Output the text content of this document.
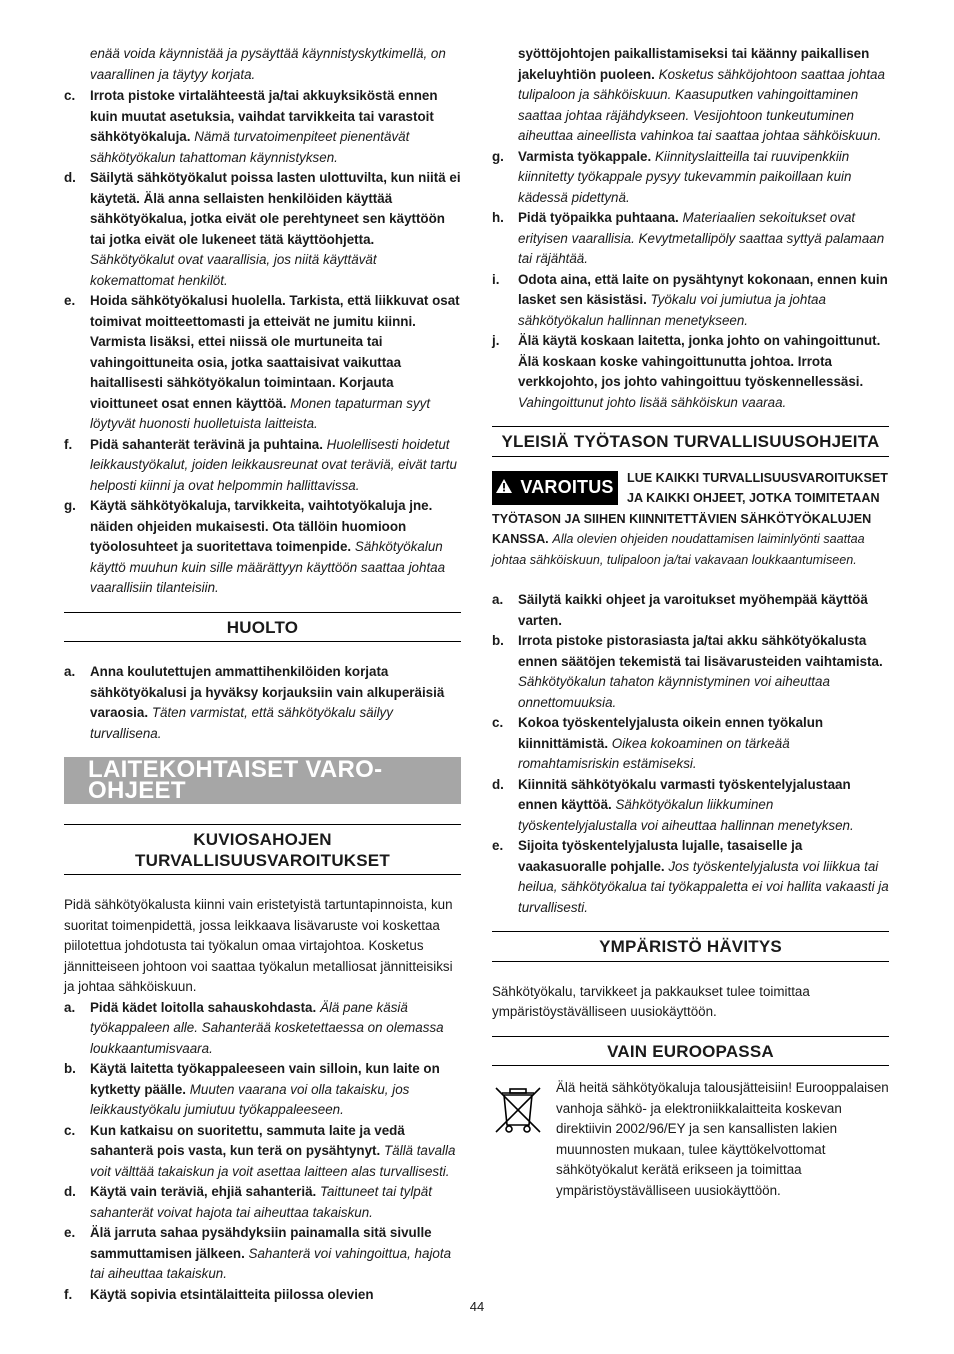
enää voida käynnistää ja pysäyttää käynnistyskytkimellä, on vaarallinen ja täytyy korjata.
c. Irrota pistoke virtalähteestä ja/tai akkuyksiköstä ennen kuin muutat asetuksia, vaihdat tarvikkeita tai varastoit sähkötyökaluja. Nämä turvatoimenpiteet pienentävät sähkötyökalun tahattoman käynnistyksen.
d. Säilytä sähkötyökalut poissa lasten ulottuvilta, kun niitä ei käytetä. Älä anna sellaisten henkilöiden käyttää sähkötyökalua, jotka eivät ole perehtyneet sen käyttöön tai jotka eivät ole lukeneet tätä käyttöohjetta. Sähkötyökalut ovat vaarallisia, jos niitä käyttävät kokemattomat henkilöt.
e. Hoida sähkötyökalusi huolella. Tarkista, että liikkuvat osat toimivat moitteettomasti ja etteivät ne jumitu kiinni. Varmista lisäksi, ettei niissä ole murtuneita tai vahingoittuneita osia, jotka saattaisivat vaikuttaa haitallisesti sähkötyökalun toimintaan. Korjauta vioittuneet osat ennen käyttöä. Monen tapaturman syyt löytyvät huonosti huolletuista laitteista.
f. Pidä sahanterät terävinä ja puhtaina. Huolellisesti hoidetut leikkaustyökalut, joiden leikkausreunat ovat teräviä, eivät tartu helposti kiinni ja ovat helpommin hallittavissa.
g. Käytä sähkötyökaluja, tarvikkeita, vaihtotyökaluja jne. näiden ohjeiden mukaisesti. Ota tällöin huomioon työolosuhteet ja suoritettava toimenpide. Sähkötyökalun käyttö muuhun kuin sille määrättyyn käyttöön saattaa johtaa vaarallisiin tilanteisiin.
HUOLTO
a. Anna koulutettujen ammattihenkilöiden korjata sähkötyökalusi ja hyväksy korjauksiin vain alkuperäisiä varaosia. Täten varmistat, että sähkötyökalu säilyy turvallisena.
LAITEKOHTAISET VARO-OHJEET
KUVIOSAHOJEN TURVALLISUUSVAROITUKSET

Pidä sähkötyökalusta kiinni vain eristetyistä tartuntapinnoista, kun suoritat toimenpidettä, jossa leikkaava lisävaruste voi koskettaa piilotettua johdotusta tai työkalun omaa virtajohtoa. Kosketus jännitteiseen johtoon voi saattaa työkalun metalliosat jännitteisiksi ja johtaa sähköiskuun.

a. Pidä kädet loitolla sahauskohdasta. Älä pane käsiä työkappaleen alle. Sahanterää kosketettaessa on olemassa loukkaantumisvaara.
b. Käytä laitetta työkappaleeseen vain silloin, kun laite on kytketty päälle. Muuten vaarana voi olla takaisku, jos leikkaustyökalu jumiutuu työkappaleeseen.
c. Kun katkaisu on suoritettu, sammuta laite ja vedä sahanterä pois vasta, kun terä on pysähtynyt. Tällä tavalla voit välttää takaiskun ja voit asettaa laitteen alas turvallisesti.
d. Käytä vain teräviä, ehjiä sahanteriä. Taittuneet tai tylpät sahanterät voivat hajota tai aiheuttaa takaiskun.
e. Älä jarruta sahaa pysähdyksiin painamalla sitä sivulle sammuttamisen jälkeen. Sahanterä voi vahingoittua, hajota tai aiheuttaa takaiskun.
f. Käytä sopivia etsintälaitteita piilossa olevien
syöttöjohtojen paikallistamiseksi tai käänny paikallisen jakeluyhtiön puoleen. Kosketus sähköjohtoon saattaa johtaa tulipaloon ja sähköiskuun. Kaasuputken vahingoittaminen saattaa johtaa räjähdykseen. Vesijohtoon tunkeutuminen aiheuttaa aineellista vahinkoa tai saattaa johtaa sähköiskuun.
g. Varmista työkappale. Kiinnityslaitteilla tai ruuvipenkkiin kiinnitetty työkappale pysyy tukevammin paikoillaan kuin kädessä pidettynä.
h. Pidä työpaikka puhtaana. Materiaalien sekoitukset ovat erityisen vaarallisia. Kevytmetallipöly saattaa syttyä palamaan tai räjähtää.
i. Odota aina, että laite on pysähtynyt kokonaan, ennen kuin lasket sen käsistäsi. Työkalu voi jumiutua ja johtaa sähkötyökalun hallinnan menetykseen.
j. Älä käytä koskaan laitetta, jonka johto on vahingoittunut. Älä koskaan koske vahingoittunutta johtoa. Irrota verkkojohto, jos johto vahingoittuu työskennellessäsi. Vahingoittunut johto lisää sähköiskun vaaraa.
YLEISIÄ TYÖTASON TURVALLISUUSOHJEITA
VAROITUS LUE KAIKKI TURVALLISUUSVAROITUKSET JA KAIKKI OHJEET, JOTKA TOIMITETAAN TYÖTASON JA SIIHEN KIINNITETTÄVIEN SÄHKÖTYÖKALUJEN KANSSA. Alla olevien ohjeiden noudattamisen laiminlyönti saattaa johtaa sähköiskuun, tulipaloon ja/tai vakavaan loukkaantumiseen.
a. Säilytä kaikki ohjeet ja varoitukset myöhempää käyttöä varten.
b. Irrota pistoke pistorasiasta ja/tai akku sähkötyökalusta ennen säätöjen tekemistä tai lisävarusteiden vaihtamista. Sähkötyökalun tahaton käynnistyminen voi aiheuttaa onnettomuuksia.
c. Kokoa työskentelyjalusta oikein ennen työkalun kiinnittämistä. Oikea kokoaminen on tärkeää romahtamisriskin estämiseksi.
d. Kiinnitä sähkötyökalu varmasti työskentelyjalustaan ennen käyttöä. Sähkötyökalun liikkuminen työskentelyjalustalla voi aiheuttaa hallinnan menetyksen.
e. Sijoita työskentelyjalusta lujalle, tasaiselle ja vaakasuoralle pohjalle. Jos työskentelyjalusta voi liikkua tai heilua, sähkötyökalua tai työkappaletta ei voi hallita vakaasti ja turvallisesti.
YMPÄRISTÖ HÄVITYS

Sähkötyökalu, tarvikkeet ja pakkaukset tulee toimittaa ympäristöystävälliseen uusiokäyttöön.

VAIN EUROOPASSA

Älä heitä sähkötyökaluja talousjätteisiin! Eurooppalaisen vanhoja sähkö- ja elektroniikkalaitteita koskevan direktiivin 2002/96/EY ja sen kansallisten lakien muunnosten mukaan, tulee käyttökelvottomat sähkötyökalut kerätä erikseen ja toimittaa ympäristöystävälliseen uusiokäyttöön.

44
